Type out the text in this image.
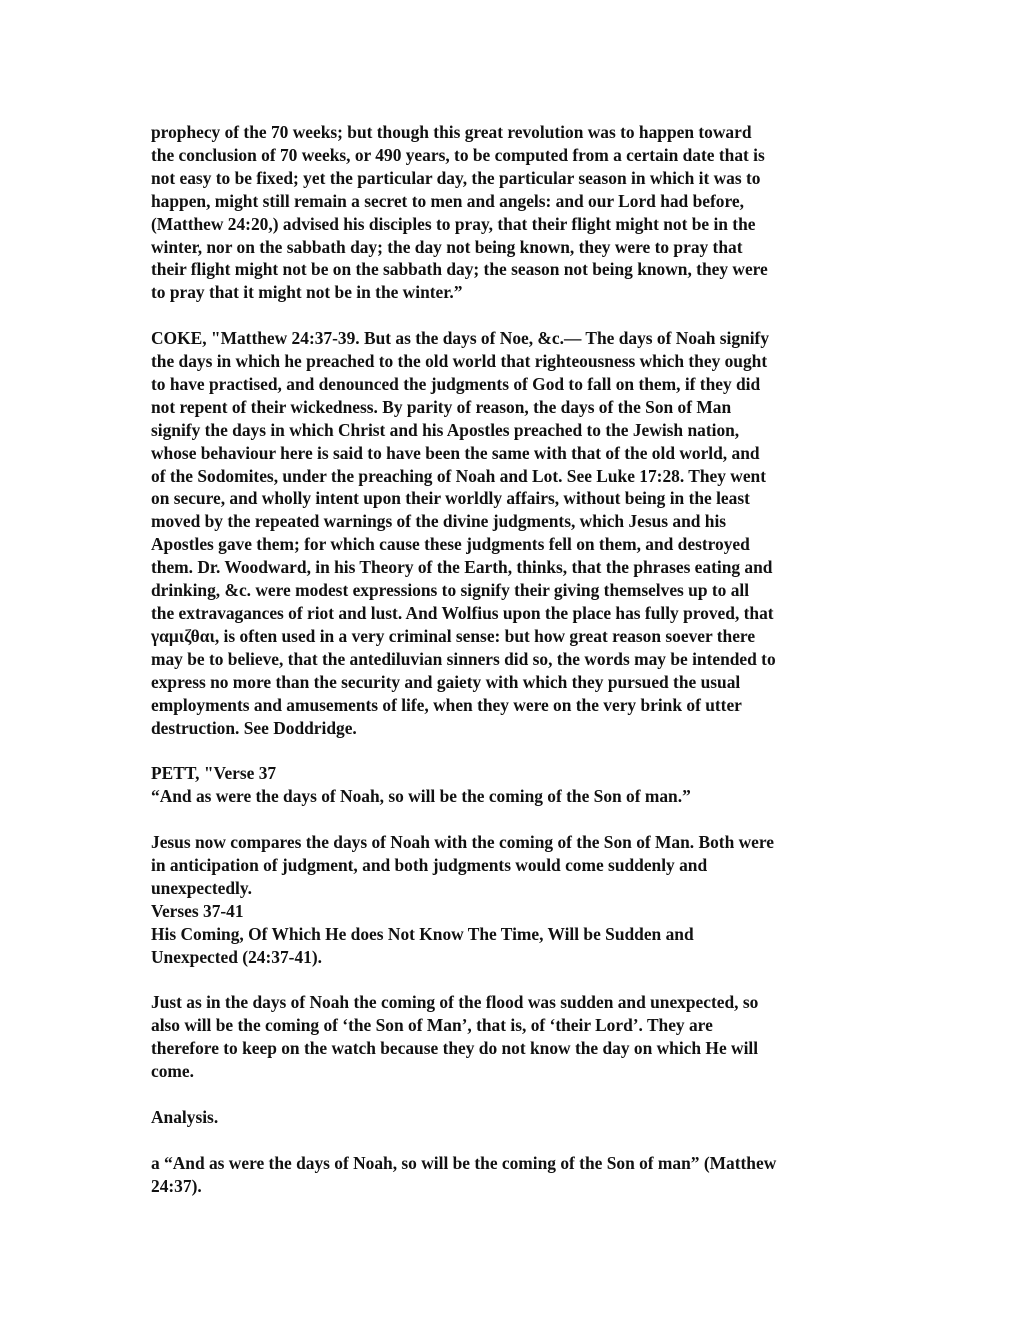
prophecy of the 70 weeks; but though this great revolution was to happen toward
the conclusion of 70 weeks, or 490 years, to be computed from a certain date that is
not easy to be fixed; yet the particular day, the particular season in which it was to
happen, might still remain a secret to men and angels: and our Lord had before,
(Matthew 24:20,) advised his disciples to pray, that their flight might not be in the
winter, nor on the sabbath day; the day not being known, they were to pray that
their flight might not be on the sabbath day; the season not being known, they were
to pray that it might not be in the winter.”

COKE, "Matthew 24:37-39. But as the days of Noe, &c.— The days of Noah signify
the days in which he preached to the old world that righteousness which they ought
to have practised, and denounced the judgments of God to fall on them, if they did
not repent of their wickedness. By parity of reason, the days of the Son of Man
signify the days in which Christ and his Apostles preached to the Jewish nation,
whose behaviour here is said to have been the same with that of the old world, and
of the Sodomites, under the preaching of Noah and Lot. See Luke 17:28. They went
on secure, and wholly intent upon their worldly affairs, without being in the least
moved by the repeated warnings of the divine judgments, which Jesus and his
Apostles gave them; for which cause these judgments fell on them, and destroyed
them. Dr. Woodward, in his Theory of the Earth, thinks, that the phrases eating and
drinking, &c. were modest expressions to signify their giving themselves up to all
the extravagances of riot and lust. And Wolfius upon the place has fully proved, that
γαμιζθαι, is often used in a very criminal sense: but how great reason soever there
may be to believe, that the antediluvian sinners did so, the words may be intended to
express no more than the security and gaiety with which they pursued the usual
employments and amusements of life, when they were on the very brink of utter
destruction. See Doddridge.

PETT, "Verse 37
“And as were the days of Noah, so will be the coming of the Son of man.”

Jesus now compares the days of Noah with the coming of the Son of Man. Both were
in anticipation of judgment, and both judgments would come suddenly and
unexpectedly.

Verses 37-41

His Coming, Of Which He does Not Know The Time, Will be Sudden and
Unexpected (24:37-41).

Just as in the days of Noah the coming of the flood was sudden and unexpected, so
also will be the coming of ‘the Son of Man’, that is, of ‘their Lord’. They are
therefore to keep on the watch because they do not know the day on which He will
come.

Analysis.

a “And as were the days of Noah, so will be the coming of the Son of man” (Matthew
24:37).
